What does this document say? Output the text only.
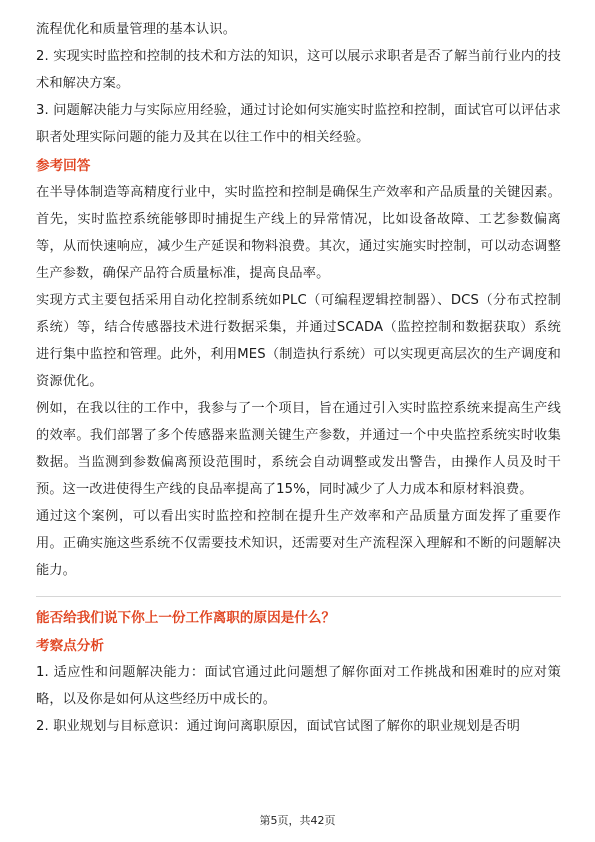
流程优化和质量管理的基本认识。

2. 实现实时监控和控制的技术和方法的知识，这可以展示求职者是否了解当前行业内的技术和解决方案。

3. 问题解决能力与实际应用经验，通过讨论如何实施实时监控和控制，面试官可以评估求职者处理实际问题的能力及其在以往工作中的相关经验。

参考回答

在半导体制造等高精度行业中，实时监控和控制是确保生产效率和产品质量的关键因素。首先，实时监控系统能够即时捕捉生产线上的异常情况，比如设备故障、工艺参数偏离等，从而快速响应，减少生产延误和物料浪费。其次，通过实施实时控制，可以动态调整生产参数，确保产品符合质量标准，提高良品率。

实现方式主要包括采用自动化控制系统如PLC（可编程逻辑控制器）、DCS（分布式控制系统）等，结合传感器技术进行数据采集，并通过SCADA（监控控制和数据获取）系统进行集中监控和管理。此外，利用MES（制造执行系统）可以实现更高层次的生产调度和资源优化。

例如，在我以往的工作中，我参与了一个项目，旨在通过引入实时监控系统来提高生产线的效率。我们部署了多个传感器来监测关键生产参数，并通过一个中央监控系统实时收集数据。当监测到参数偏离预设范围时，系统会自动调整或发出警告，由操作人员及时干预。这一改进使得生产线的良品率提高了15%，同时减少了人力成本和原材料浪费。

通过这个案例，可以看出实时监控和控制在提升生产效率和产品质量方面发挥了重要作用。正确实施这些系统不仅需要技术知识，还需要对生产流程深入理解和不断的问题解决能力。

能否给我们说下你上一份工作离职的原因是什么？
考察点分析

1. 适应性和问题解决能力：面试官通过此问题想了解你面对工作挑战和困难时的应对策略，以及你是如何从这些经历中成长的。

2. 职业规划与目标意识：通过询问离职原因，面试官试图了解你的职业规划是否明

第5页，共42页
